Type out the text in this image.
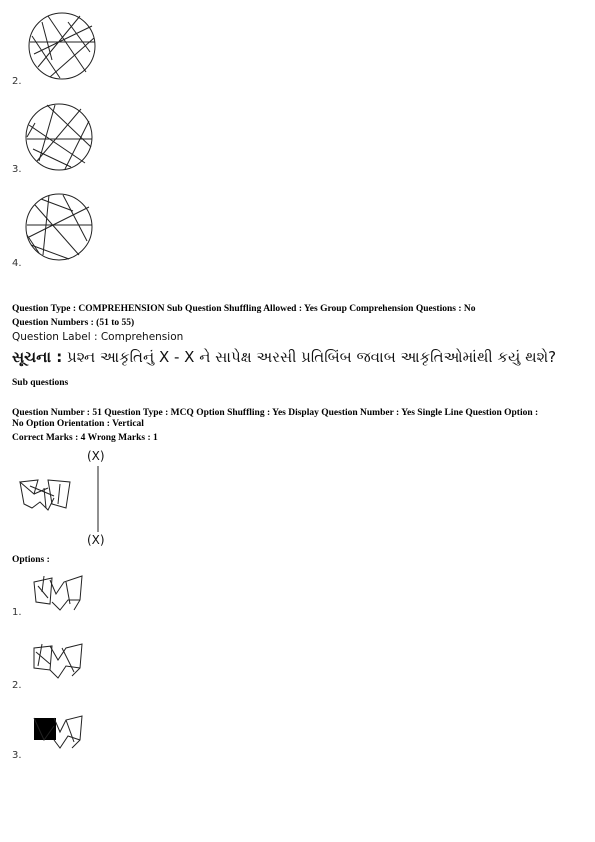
2.
3.
4.
Question Type : COMPREHENSION Sub Question Shuffling Allowed : Yes Group Comprehension Questions : No
Question Numbers : (51 to 55)
Question Label : Comprehension
સૂચના : પ્રશ્ન આકૃતિનું X - X ને સાપેક્ષ અરસી પ્રતિબિંબ જવાબ આકૃતિઓમાંથી કયું થશે?
Sub questions
Question Number : 51 Question Type : MCQ Option Shuffling : Yes Display Question Number : Yes Single Line Question Option :
No Option Orientation : Vertical
Correct Marks : 4 Wrong Marks : 1
(X)
(X)
Options :
1.
2.
3.
